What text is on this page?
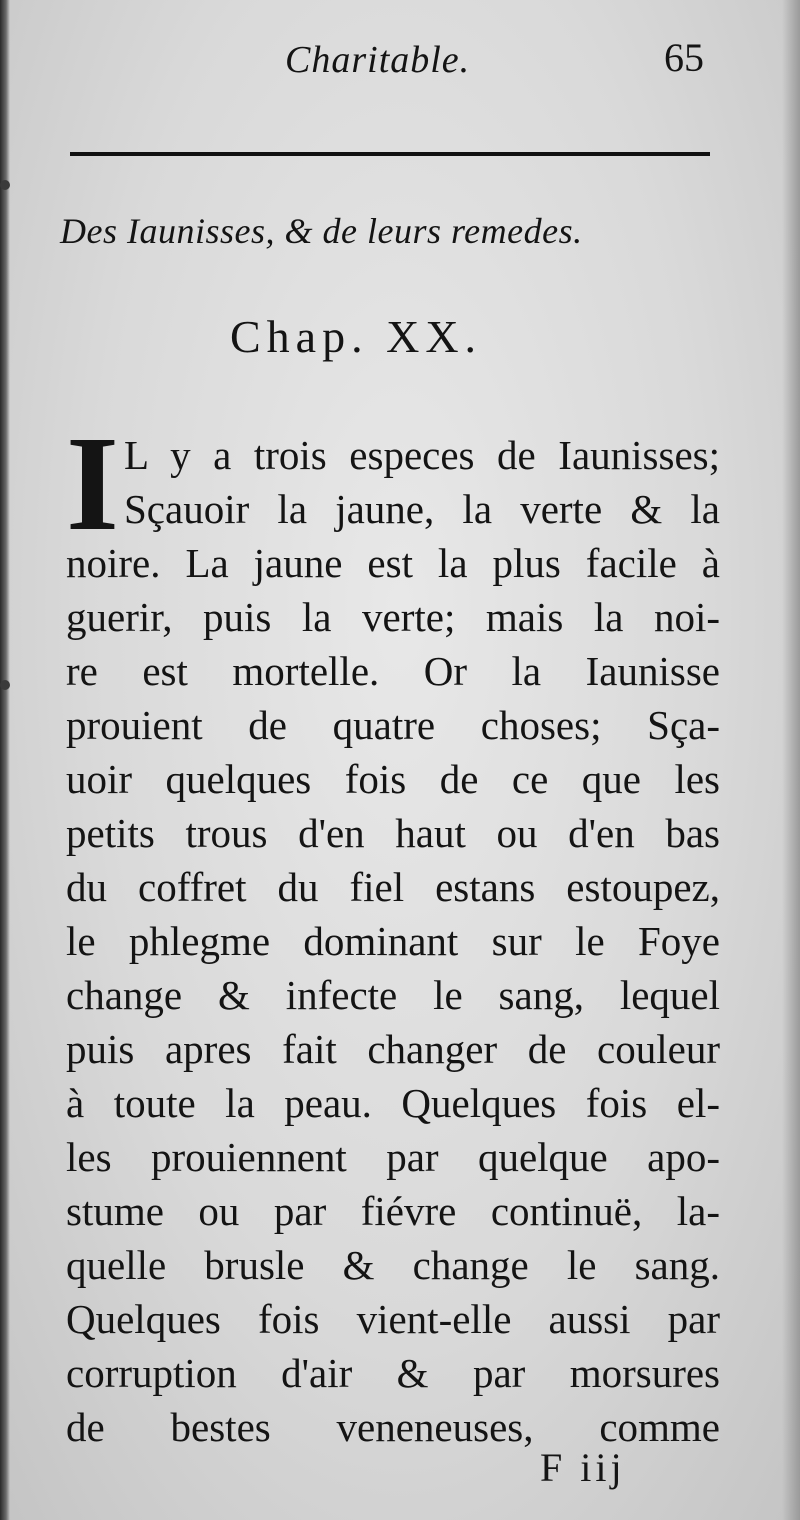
Charitable.	65
Des Iaunisses, & de leurs remedes.
Chap. XX.
I L y a trois especes de Iaunisses;
Sçauoir la jaune, la verte & la
noire. La jaune est la plus facile à
guerir, puis la verte; mais la noi-
re est mortelle. Or la Iaunisse
prouient de quatre choses; Sça-
uoir quelques fois de ce que les
petits trous d'en haut ou d'en bas
du coffret du fiel estans estoupez,
le phlegme dominant sur le Foye
change & infecte le sang, lequel
puis apres fait changer de couleur
à toute la peau. Quelques fois el-
les prouiennent par quelque apo-
stume ou par fiévre continuë, la-
quelle brusle & change le sang.
Quelques fois vient-elle aussi par
corruption d'air & par morsures
de bestes veneneuses, comme
F iij
